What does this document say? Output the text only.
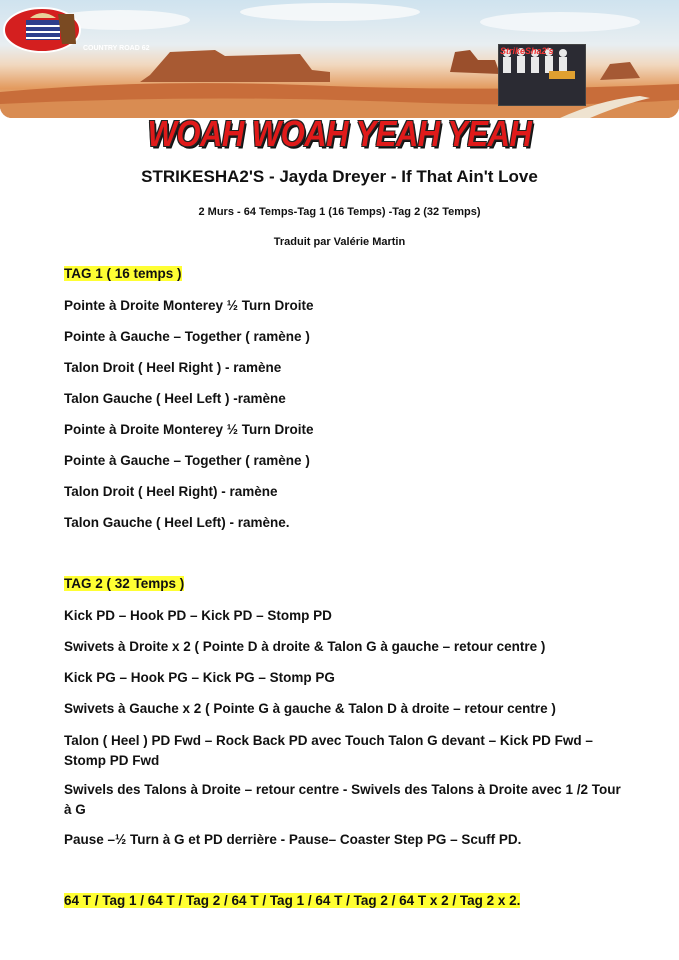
COUNTRY ROAD 62	StrikeSha2's
WOAH WOAH YEAH YEAH
STRIKESHA2'S - Jayda Dreyer - If That Ain't Love
2 Murs - 64 Temps-Tag 1 (16 Temps) -Tag 2 (32 Temps)
Traduit par Valérie Martin
TAG 1 ( 16 temps )
Pointe à Droite Monterey ½ Turn Droite
Pointe à Gauche – Together ( ramène )
Talon Droit ( Heel Right ) - ramène
Talon Gauche ( Heel Left ) -ramène
Pointe à Droite Monterey ½ Turn Droite
Pointe à Gauche – Together ( ramène )
Talon Droit ( Heel Right) - ramène
Talon Gauche ( Heel Left) - ramène.
TAG 2 ( 32 Temps )
Kick PD – Hook PD – Kick PD – Stomp PD
Swivets à Droite x 2 ( Pointe D à droite & Talon G à gauche – retour centre )
Kick PG – Hook PG – Kick PG – Stomp PG
Swivets à Gauche x 2 ( Pointe G à gauche & Talon D à droite – retour centre )
Talon ( Heel ) PD Fwd – Rock Back PD avec Touch Talon G devant – Kick PD Fwd – Stomp PD Fwd
Swivels des Talons à Droite – retour centre - Swivels des Talons à Droite avec 1 /2 Tour à G
Pause –½ Turn à G et PD derrière - Pause– Coaster Step PG – Scuff PD.
64 T / Tag 1 / 64 T / Tag 2 / 64 T / Tag 1 / 64 T / Tag 2 / 64 T x 2 / Tag 2 x 2.
